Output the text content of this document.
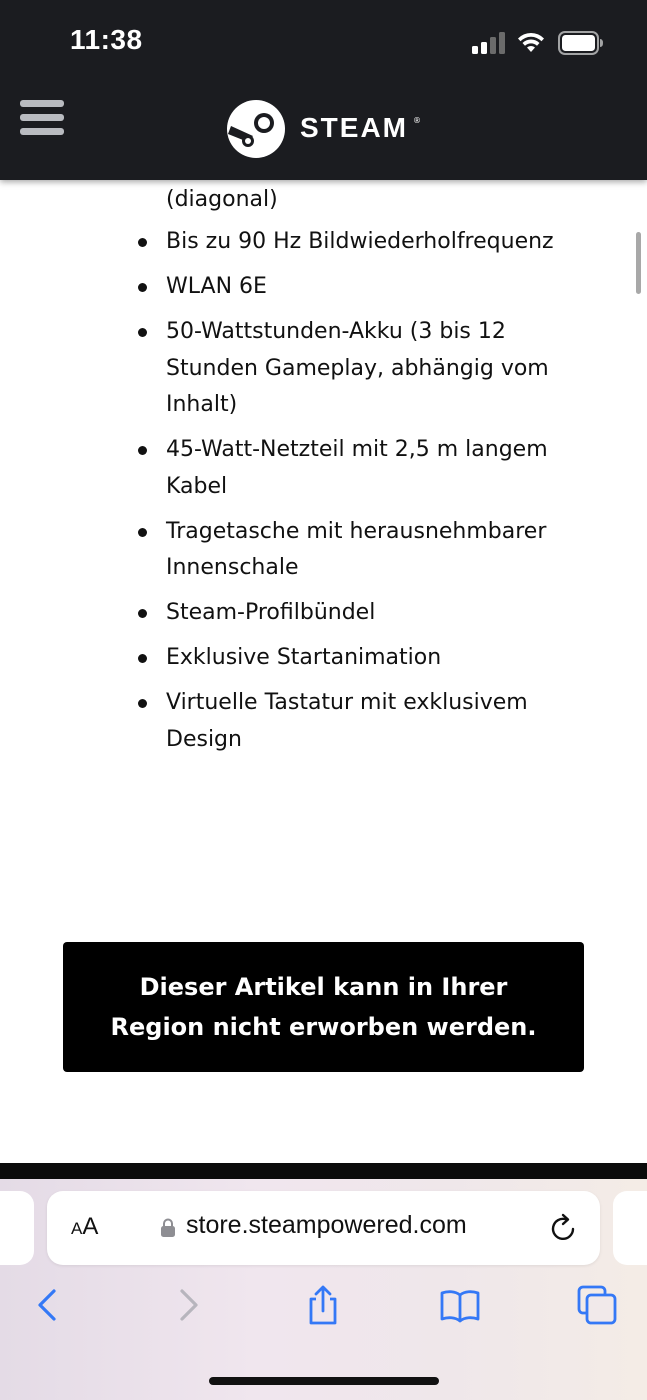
11:38
STEAM ®
(diagonal)
Bis zu 90 Hz Bildwiederholfrequenz
WLAN 6E
50-Wattstunden-Akku (3 bis 12 Stunden Gameplay, abhängig vom Inhalt)
45-Watt-Netzteil mit 2,5 m langem Kabel
Tragetasche mit herausnehmbarer Innenschale
Steam-Profilbündel
Exklusive Startanimation
Virtuelle Tastatur mit exklusivem Design
Dieser Artikel kann in Ihrer Region nicht erworben werden.
AA	store.steampowered.com
